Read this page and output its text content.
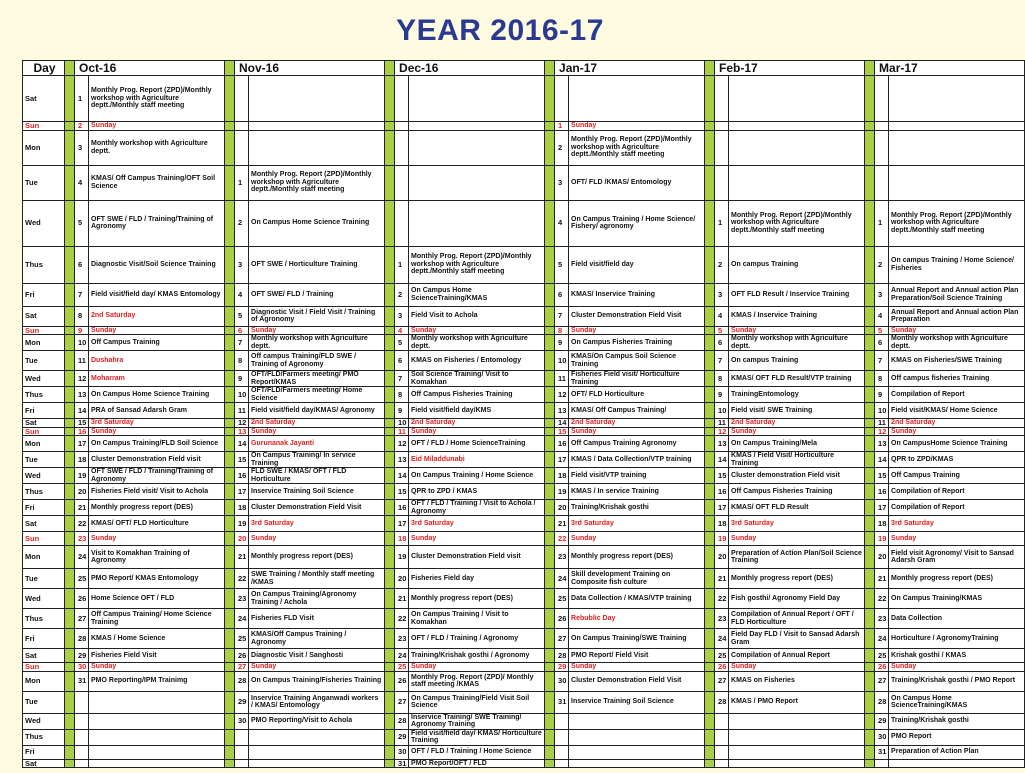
YEAR 2016-17
Day		Oct-16			Nov-16			Dec-16			Jan-17			Feb-17			Mar-17	
Sat		1	Monthly Prog. Report (ZPD)/Monthly workshop with Agriculture deptt./Monthly staff meeting															
Sun		2	Sunday								1	Sunday						
Mon		3	Monthly workshop with Agriculture deptt.								2	Monthly Prog. Report (ZPD)/Monthly workshop with Agriculture deptt./Monthly staff meeting						
Tue		4	KMAS/ Off Campus Training/OFT Soil Science		1	Monthly Prog. Report (ZPD)/Monthly workshop with Agriculture deptt./Monthly staff meeting					3	OFT/ FLD /KMAS/ Entomology						
Wed		5	OFT SWE / FLD / Training/Training of Agronomy		2	On Campus Home Science Training					4	On Campus Training / Home Science/ Fishery/ agronomy		1	Monthly Prog. Report (ZPD)/Monthly workshop with Agriculture deptt./Monthly staff meeting		1	Monthly Prog. Report (ZPD)/Monthly workshop with Agriculture deptt./Monthly staff meeting
Thus		6	Diagnostic Visit/Soil Science Training		3	OFT SWE / Horticulture Training		1	Monthly Prog. Report (ZPD)/Monthly workshop with Agriculture deptt./Monthly staff meeting		5	Field visit/field day		2	On campus Training		2	On campus Training / Home Science/ Fisheries
Fri		7	Field visit/field day/ KMAS Entomology		4	OFT SWE/ FLD / Training		2	On Campus Home ScienceTraining/KMAS		6	KMAS/ Inservice Training		3	OFT FLD Result / Inservice Training		3	Annual Report and Annual action Plan Preparation/Soil Science Training
Sat		8	2nd Saturday		5	Diagnostic Visit / Field Visit / Training of Agronomy		3	Field Visit to Achola		7	Cluster Demonstration Field Visit		4	KMAS / Inservice Training		4	Annual Report and Annual action Plan Preparation
Sun		9	Sunday		6	Sunday		4	Sunday		8	Sunday		5	Sunday		5	Sunday
Mon		10	Off Campus Training		7	Monthly workshop with Agriculture deptt.		5	Monthly workshop with Agriculture deptt.		9	On Campus Fisheries Training		6	Monthly workshop with Agriculture deptt.		6	Monthly workshop with Agriculture deptt.
Tue		11	Dushahra		8	Off campus Training/FLD SWE / Training of Agronomy		6	KMAS on Fisheries / Entomology		10	KMAS/On Campus Soil Science Training		7	On campus Training		7	KMAS on Fisheries/SWE Training
Wed		12	Moharram		9	OFT/FLD/Farmers meeting/ PMO Report/KMAS		7	Soil Science Training/ Visit to Komakhan		11	Fisheries Field visit/ Horticulture Training		8	KMAS/ OFT FLD Result/VTP training		8	Off campus fisheries Training
Thus		13	On Campus Home Science Training		10	OFT/FLD/Farmers meeting/ Home Science		8	Off Campus Fisheries Training		12	OFT/ FLD Horticulture		9	TrainingEntomology		9	Compilation of Report
Fri		14	PRA of Sansad Adarsh Gram		11	Field visit/field day/KMAS/ Agronomy		9	Field visit/field day/KMS		13	KMAS/ Off Campus Training/		10	Field visit/ SWE Training		10	Field visit/KMAS/ Home Science
Sat		15	3rd Saturday		12	2nd Saturday		10	2nd Saturday		14	2nd Saturday		11	2nd Saturday		11	2nd Saturday
Sun		16	Sunday		13	Sunday		11	Sunday		15	Sunday		12	Sunday		12	Sunday
Mon		17	On Campus Training/FLD Soil Science		14	Gurunanak Jayanti		12	OFT / FLD / Home ScienceTraining		16	Off Campus Training Agronomy		13	On Campus Training/Mela		13	On CampusHome Science Training
Tue		18	Cluster Demonstration Field visit		15	On Campus Training/ In service Training		13	Eid Miladdunabi		17	KMAS / Data Collection/VTP training		14	KMAS / Field Visit/ Horticulture Training		14	QPR to ZPD/KMAS
Wed		19	OFT SWE / FLD / Training/Training of Agronomy		16	FLD SWE / KMAS/ OFT / FLD Horticulture		14	On Campus Training / Home Science		18	Field visit/VTP training		15	Cluster demonstration Field visit		15	Off Campus Training
Thus		20	Fisheries Field visit/ Visit to Achola		17	Inservice Training Soil Science		15	QPR to ZPD / KMAS		19	KMAS / In service Training		16	Off Campus Fisheries Training		16	Compilation of Report
Fri		21	Monthly progress report (DES)		18	Cluster Demonstration Field Visit		16	OFT / FLD / Training / Visit to Achola / Agronomy		20	Training/Krishak gosthi		17	KMAS/ OFT FLD Result		17	Compilation of Report
Sat		22	KMAS/ OFT/ FLD Horticulture		19	3rd Saturday		17	3rd Saturday		21	3rd Saturday		18	3rd Saturday		18	3rd Saturday
Sun		23	Sunday		20	Sunday		18	Sunday		22	Sunday		19	Sunday		19	Sunday
Mon		24	Visit to Komakhan Training of Agronomy		21	Monthly progress report (DES)		19	Cluster Demonstration Field visit		23	Monthly progress report (DES)		20	Preparation of Action Plan/Soil Science Training		20	Field visit Agronomy/ Visit to Sansad Adarsh Gram
Tue		25	PMO Report/ KMAS Entomology		22	SWE Training / Monthly staff meeting /KMAS		20	Fisheries Field day		24	Skill development Training on Composite fish culture		21	Monthly progress report (DES)		21	Monthly progress report (DES)
Wed		26	Home Science OFT / FLD		23	On Campus Training/Agronomy Training / Achola		21	Monthly progress report (DES)		25	Data Collection / KMAS/VTP training		22	Fish gosthi/ Agronomy Field Day		22	On Campus Training/KMAS
Thus		27	Off Campus Training/ Home Science Training		24	Fisheries FLD Visit		22	On Campus Training / Visit to Komakhan		26	Rebublic Day		23	Compilation of Annual Report / OFT / FLD Horticulture		23	Data Collection
Fri		28	KMAS / Home Science		25	KMAS/Off Campus Training / Agronomy		23	OFT / FLD / Training / Agronomy		27	On Campus Training/SWE Training		24	Field Day FLD / Visit to Sansad Adarsh Gram		24	Horticulture / AgronomyTraining
Sat		29	Fisheries Field Visit		26	Diagnostic Visit / Sanghosti		24	Training/Krishak gosthi / Agronomy		28	PMO Report/ Field Visit		25	Compilation of Annual Report		25	Krishak gosthi / KMAS
Sun		30	Sunday		27	Sunday		25	Sunday		29	Sunday		26	Sunday		26	Sunday
Mon		31	PMO Reporting/IPM Trainimg		28	On Campus Training/Fisheries Training		26	Monthly Prog. Report (ZPD)/ Monthly staff meeting /KMAS		30	Cluster Demonstration Field Visit		27	KMAS on Fisheries		27	Training/Krishak gosthi / PMO Report
Tue					29	Inservice Training Anganwadi workers / KMAS/ Entomology		27	On Campus Training/Field Visit Soil Science		31	Inservice Training Soil Science		28	KMAS / PMO Report		28	On Campus Home ScienceTraining/KMAS
Wed					30	PMO Reporting/Visit to Achola		28	Inservice Training/ SWE Training/ Agronomy Training								29	Training/Krishak gosthi
Thus								29	Field visit/field day/ KMAS/ Horticulture Training								30	PMO Report
Fri								30	OFT / FLD / Training / Home Science								31	Preparation of Action Plan
Sat								31	PMO Report/OFT / FLD									
